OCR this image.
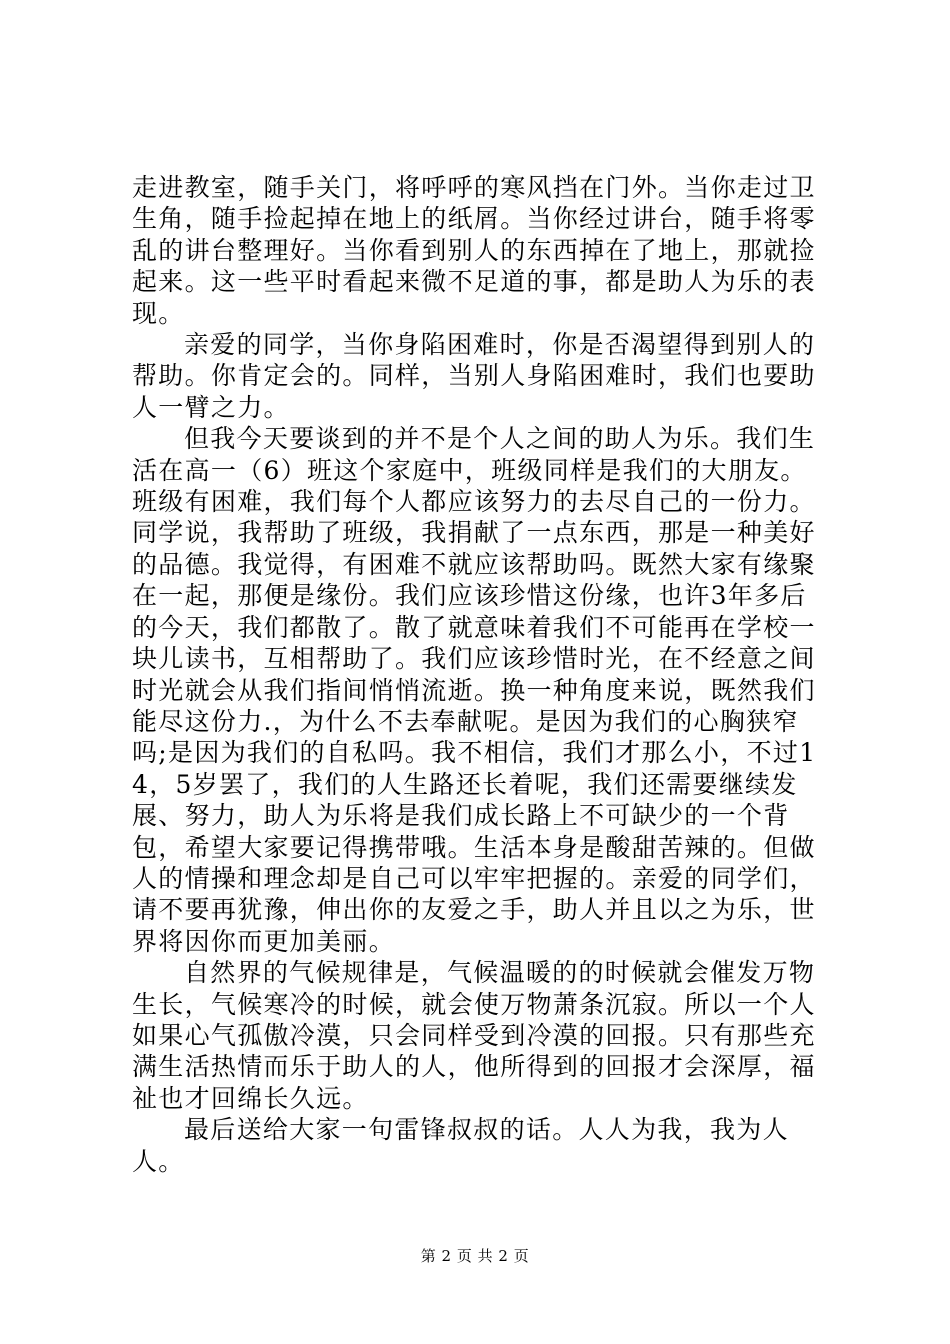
走进教室，随手关门，将呼呼的寒风挡在门外。当你走过卫生角，随手捡起掉在地上的纸屑。当你经过讲台，随手将零乱的讲台整理好。当你看到别人的东西掉在了地上，那就捡起来。这一些平时看起来微不足道的事，都是助人为乐的表现。

亲爱的同学，当你身陷困难时，你是否渴望得到别人的帮助。你肯定会的。同样，当别人身陷困难时，我们也要助人一臂之力。

但我今天要谈到的并不是个人之间的助人为乐。我们生活在高一（6）班这个家庭中，班级同样是我们的大朋友。班级有困难，我们每个人都应该努力的去尽自己的一份力。同学说，我帮助了班级，我捐献了一点东西，那是一种美好的品德。我觉得，有困难不就应该帮助吗。既然大家有缘聚在一起，那便是缘份。我们应该珍惜这份缘，也许3年多后的今天，我们都散了。散了就意味着我们不可能再在学校一块儿读书，互相帮助了。我们应该珍惜时光，在不经意之间时光就会从我们指间悄悄流逝。换一种角度来说，既然我们能尽这份力.，为什么不去奉献呢。是因为我们的心胸狭窄吗;是因为我们的自私吗。我不相信，我们才那么小，不过14，5岁罢了，我们的人生路还长着呢，我们还需要继续发展、努力，助人为乐将是我们成长路上不可缺少的一个背包，希望大家要记得携带哦。生活本身是酸甜苦辣的。但做人的情操和理念却是自己可以牢牢把握的。亲爱的同学们，请不要再犹豫，伸出你的友爱之手，助人并且以之为乐，世界将因你而更加美丽。

自然界的气候规律是，气候温暖的的时候就会催发万物生长，气候寒冷的时候，就会使万物萧条沉寂。所以一个人如果心气孤傲冷漠，只会同样受到冷漠的回报。只有那些充满生活热情而乐于助人的人，他所得到的回报才会深厚，福祉也才回绵长久远。

最后送给大家一句雷锋叔叔的话。人人为我，我为人人。

第 2 页 共 2 页
